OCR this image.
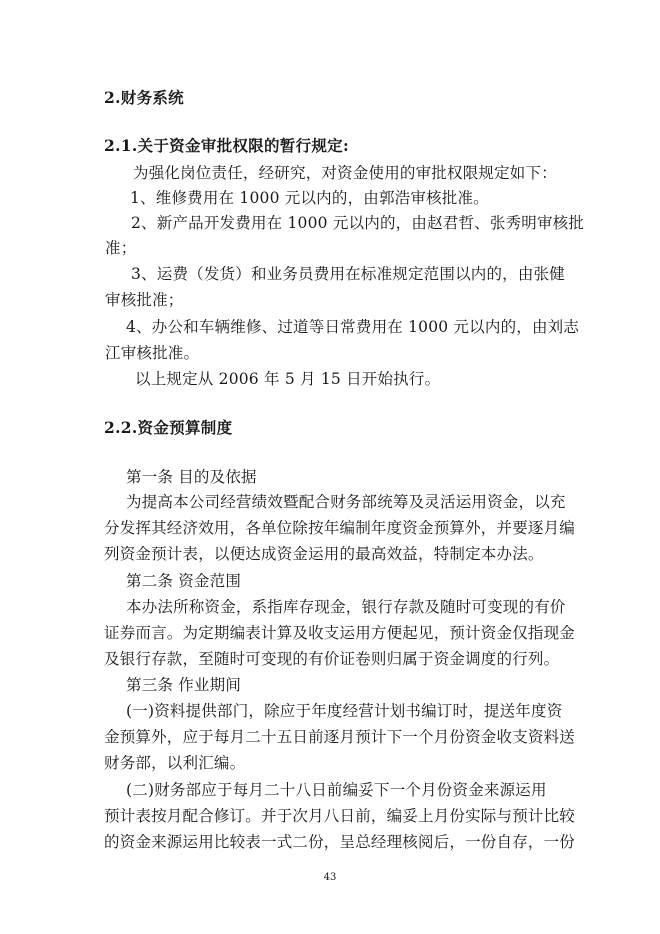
2.财务系统
2.1.关于资金审批权限的暂行规定:
为强化岗位责任，经研究，对资金使用的审批权限规定如下：
1、维修费用在 1000 元以内的，由郭浩审核批准。
2、新产品开发费用在 1000 元以内的，由赵君哲、张秀明审核批
准；
3、运费（发货）和业务员费用在标准规定范围以内的，由张健
审核批准；
4、办公和车辆维修、过道等日常费用在 1000 元以内的，由刘志
江审核批准。
以上规定从 2006 年 5 月 15 日开始执行。
2.2.资金预算制度
第一条 目的及依据
为提高本公司经营绩效暨配合财务部统筹及灵活运用资金，以充
分发挥其经济效用，各单位除按年编制年度资金预算外，并要逐月编
列资金预计表，以便达成资金运用的最高效益，特制定本办法。
第二条 资金范围
本办法所称资金，系指库存现金，银行存款及随时可变现的有价
证券而言。为定期编表计算及收支运用方便起见，预计资金仅指现金
及银行存款，至随时可变现的有价证卷则归属于资金调度的行列。
第三条 作业期间
(一)资料提供部门，除应于年度经营计划书编订时，提送年度资
金预算外，应于每月二十五日前逐月预计下一个月份资金收支资料送
财务部，以利汇编。
(二)财务部应于每月二十八日前编妥下一个月份资金来源运用
预计表按月配合修订。并于次月八日前，编妥上月份实际与预计比较
的资金来源运用比较表一式二份，呈总经理核阅后，一份自存，一份
43
